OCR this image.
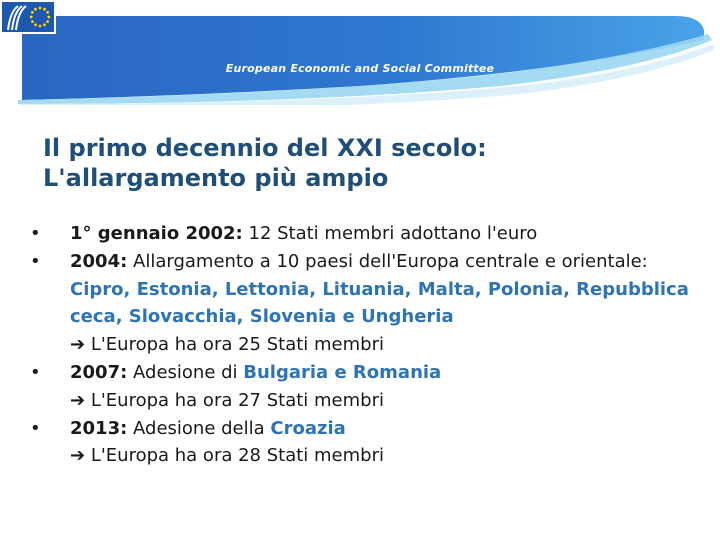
European Economic and Social Committee
Il primo decennio del XXI secolo:
L'allargamento più ampio
•	1° gennaio 2002: 12 Stati membri adottano l'euro
•	2004: Allargamento a 10 paesi dell'Europa centrale e orientale: Cipro, Estonia, Lettonia, Lituania, Malta, Polonia, Repubblica ceca, Slovacchia, Slovenia e Ungheria
➔ L'Europa ha ora 25 Stati membri
•	2007: Adesione di Bulgaria e Romania
➔ L'Europa ha ora 27 Stati membri
•	2013: Adesione della Croazia
➔ L'Europa ha ora 28 Stati membri
